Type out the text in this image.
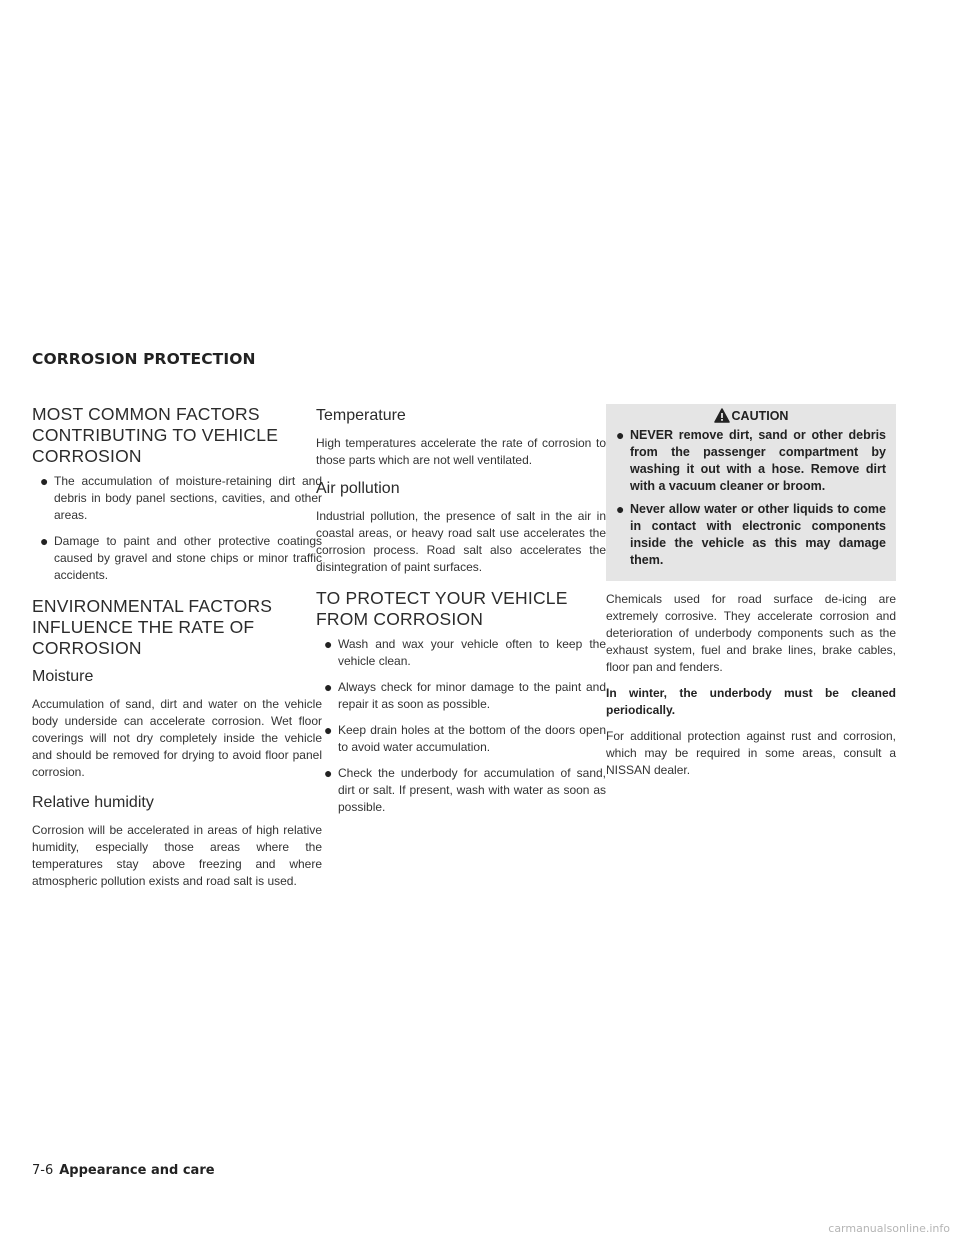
CORROSION PROTECTION
MOST COMMON FACTORS CONTRIBUTING TO VEHICLE CORROSION
● The accumulation of moisture-retaining dirt and debris in body panel sections, cavities, and other areas.
● Damage to paint and other protective coatings caused by gravel and stone chips or minor traffic accidents.
ENVIRONMENTAL FACTORS INFLUENCE THE RATE OF CORROSION
Moisture

Accumulation of sand, dirt and water on the vehicle body underside can accelerate corrosion. Wet floor coverings will not dry completely inside the vehicle and should be removed for drying to avoid floor panel corrosion.

Relative humidity

Corrosion will be accelerated in areas of high relative humidity, especially those areas where the temperatures stay above freezing and where atmospheric pollution exists and road salt is used.

Temperature

High temperatures accelerate the rate of corrosion to those parts which are not well ventilated.

Air pollution

Industrial pollution, the presence of salt in the air in coastal areas, or heavy road salt use accelerates the corrosion process. Road salt also accelerates the disintegration of paint surfaces.

TO PROTECT YOUR VEHICLE FROM CORROSION
● Wash and wax your vehicle often to keep the vehicle clean.
● Always check for minor damage to the paint and repair it as soon as possible.
● Keep drain holes at the bottom of the doors open to avoid water accumulation.
● Check the underbody for accumulation of sand, dirt or salt. If present, wash with water as soon as possible.
CAUTION
● NEVER remove dirt, sand or other debris from the passenger compartment by washing it out with a hose. Remove dirt with a vacuum cleaner or broom.
● Never allow water or other liquids to come in contact with electronic components inside the vehicle as this may damage them.

Chemicals used for road surface de-icing are extremely corrosive. They accelerate corrosion and deterioration of underbody components such as the exhaust system, fuel and brake lines, brake cables, floor pan and fenders.

In winter, the underbody must be cleaned periodically.

For additional protection against rust and corrosion, which may be required in some areas, consult a NISSAN dealer.

7-6 Appearance and care
carmanualsonline.info
